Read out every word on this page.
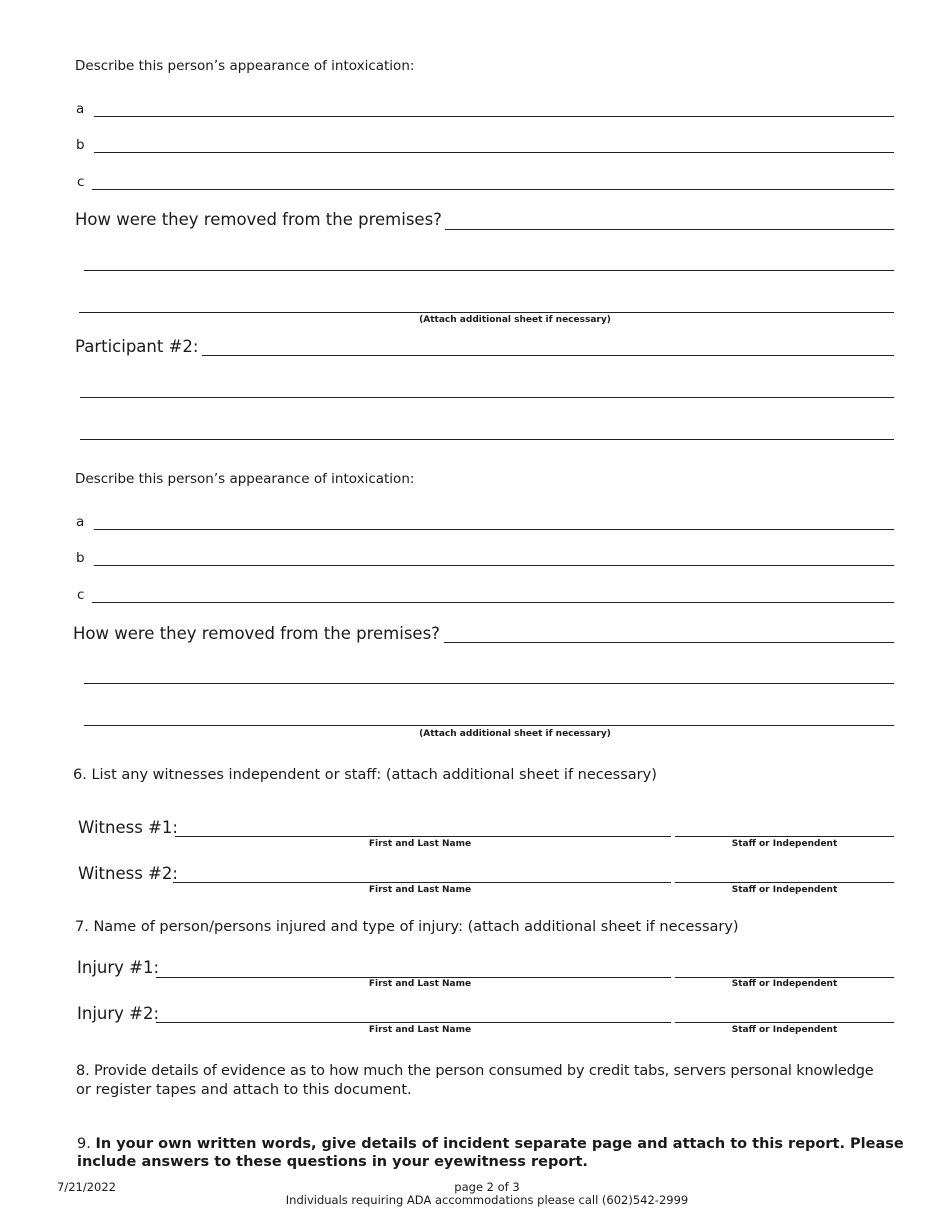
Describe this person’s appearance of intoxication:
a
b
c
How were they removed from the premises?
(Attach additional sheet if necessary)
Participant #2:
Describe this person’s appearance of intoxication:
a
b
c
How were they removed from the premises?
(Attach additional sheet if necessary)
6. List any witnesses independent or staff: (attach additional sheet if necessary)
Witness #1:
First and Last Name	Staff or Independent
Witness #2:
First and Last Name	Staff or Independent
7. Name of person/persons injured and type of injury: (attach additional sheet if necessary)
Injury #1:
First and Last Name	Staff or Independent
Injury #2:
First and Last Name	Staff or Independent
8. Provide details of evidence as to how much the person consumed by credit tabs, servers personal knowledge
or register tapes and attach to this document.
9. In your own written words, give details of incident separate page and attach to this report. Please
include answers to these questions in your eyewitness report.
7/21/2022	page 2 of 3
Individuals requiring ADA accommodations please call (602)542-2999
